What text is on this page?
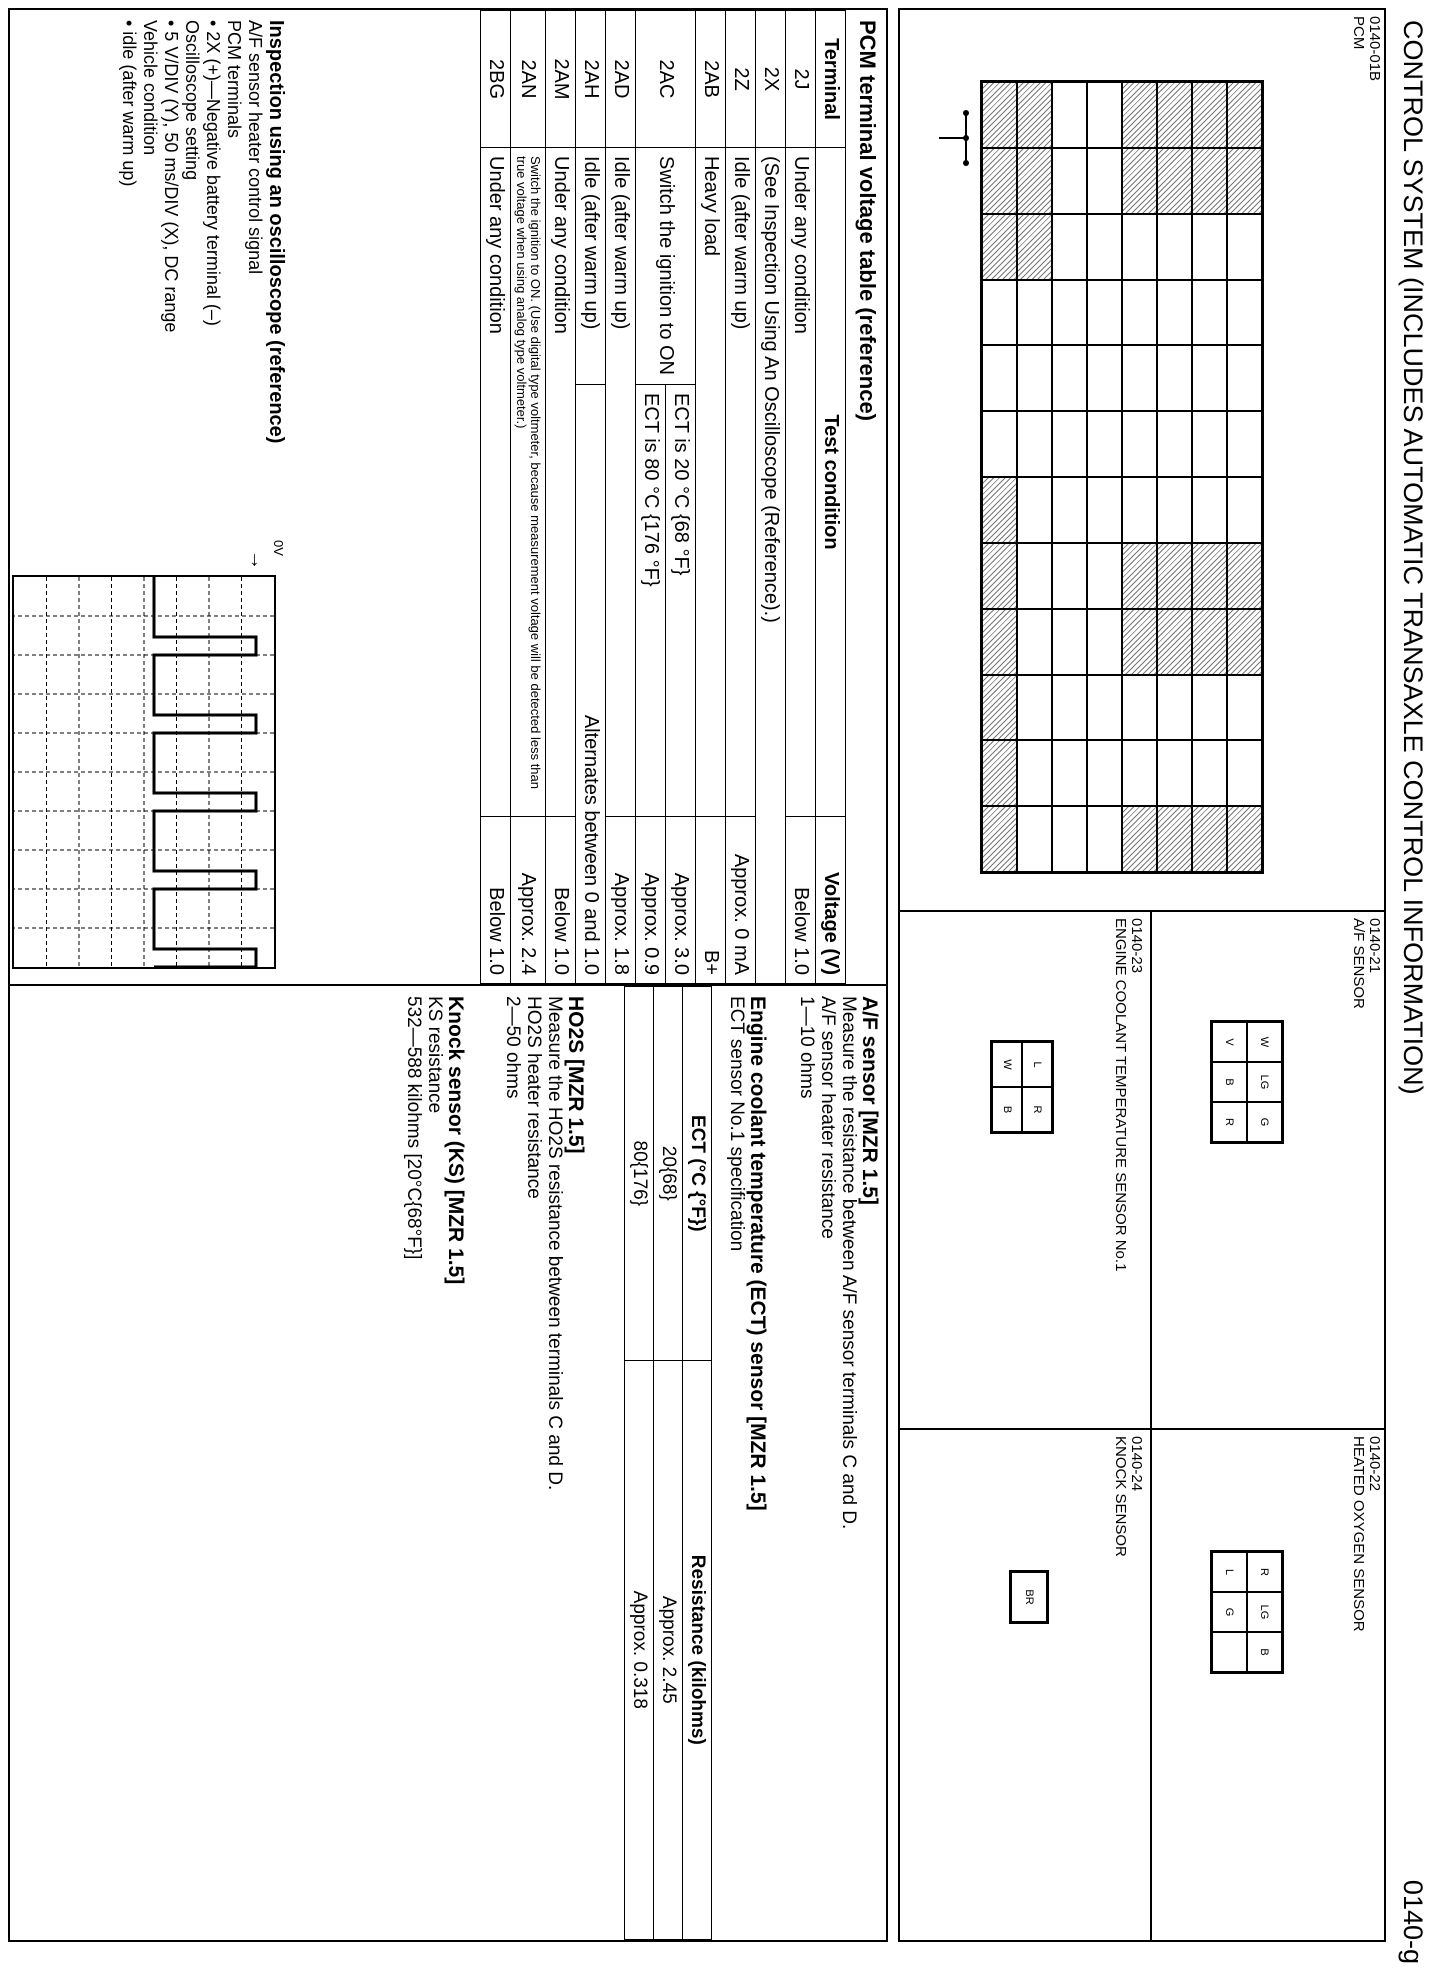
CONTROL SYSTEM (INCLUDES AUTOMATIC TRANSAXLE CONTROL INFORMATION)
0140-g
0140-01B
PCM
0140-21
A/F SENSOR
W
LG
G
V
B
R
0140-22
HEATED OXYGEN SENSOR
R
LG
B
L
G
0140-23
ENGINE COOLANT TEMPERATURE SENSOR No.1
L
R
W
B
0140-24
KNOCK SENSOR
BR
PCM terminal voltage table (reference)
Terminal	Test condition		Voltage (V)
2J	Under any condition		Below 1.0
2X	(See Inspection Using An Oscilloscope (Reference).)		
2Z	Idle (after warm up)		Approx. 0 mA
2AB	Heavy load		B+
2AC	Switch the ignition to ON	ECT is 20 °C {68 °F}	Approx. 3.0
		ECT is 80 °C {176 °F}	Approx. 0.9
2AD	Idle (after warm up)		Approx. 1.8
2AH	Idle (after warm up)	Alternates between 0 and 1.0	
2AM	Under any condition		Below 1.0
2AN	Switch the ignition to ON. (Use digital type voltmeter, because measurement voltage will be detected less than true voltage when using analog type voltmeter.)		Approx. 2.4
2BG	Under any condition		Below 1.0
Inspection using an oscilloscope (reference)
A/F sensor heater control signal
PCM terminals
• 2X (+)—Negative battery terminal (–)
Oscilloscope setting
• 5 V/DIV (Y), 50 ms/DIV (X), DC range
Vehicle condition
• idle (after warm up)
0V
→
A/F sensor [MZR 1.5]
Measure the resistance between A/F sensor terminals C and D.
A/F sensor heater resistance
1—10 ohms
Engine coolant temperature (ECT) sensor [MZR 1.5]
ECT sensor No.1 specification
ECT (°C {°F})	Resistance (kilohms)
20{68}	Approx. 2.45
80{176}	Approx. 0.318
HO2S [MZR 1.5]
Measure the HO2S resistance between terminals C and D.
HO2S heater resistance
2—50 ohms
Knock sensor (KS) [MZR 1.5]
KS resistance
532—588 kilohms [20°C{68°F}]
